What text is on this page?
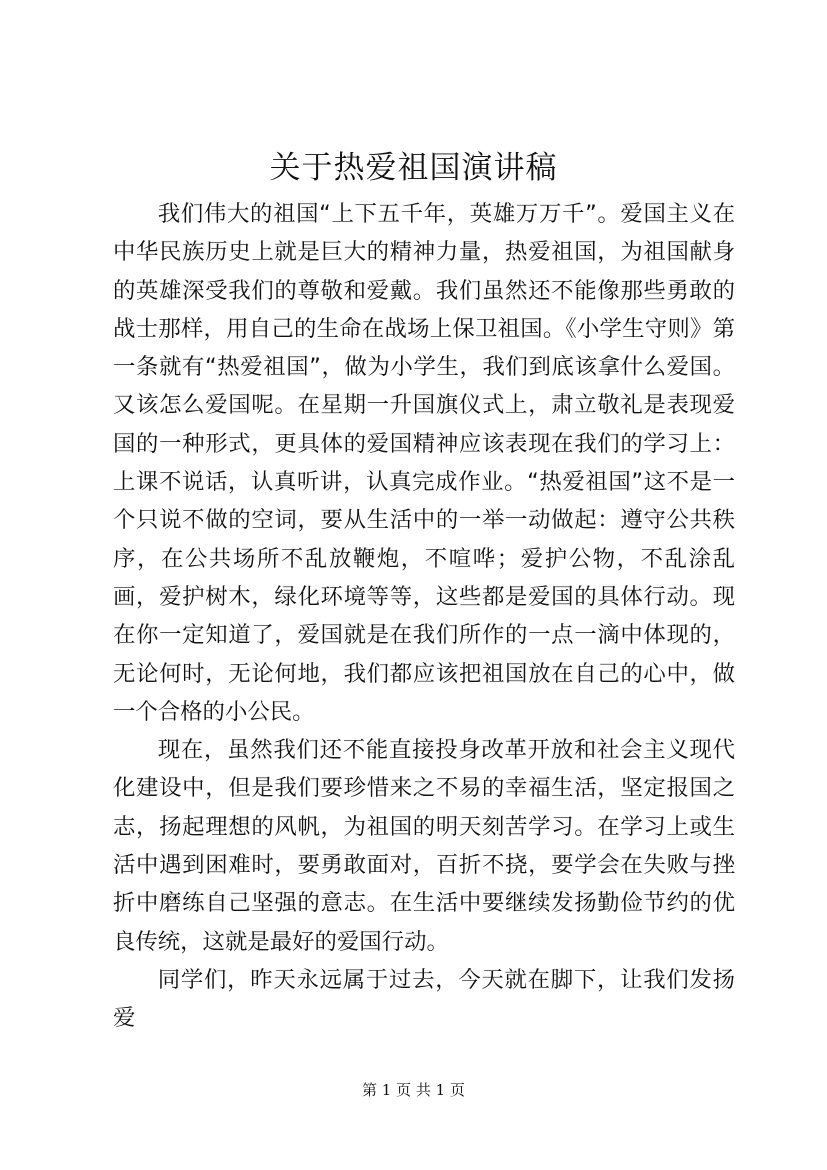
关于热爱祖国演讲稿

我们伟大的祖国“上下五千年，英雄万万千”。爱国主义在中华民族历史上就是巨大的精神力量，热爱祖国，为祖国献身的英雄深受我们的尊敬和爱戴。我们虽然还不能像那些勇敢的战士那样，用自己的生命在战场上保卫祖国。《小学生守则》第一条就有“热爱祖国”，做为小学生，我们到底该拿什么爱国。又该怎么爱国呢。在星期一升国旗仪式上，肃立敬礼是表现爱国的一种形式，更具体的爱国精神应该表现在我们的学习上：上课不说话，认真听讲，认真完成作业。“热爱祖国”这不是一个只说不做的空词，要从生活中的一举一动做起：遵守公共秩序，在公共场所不乱放鞭炮，不喧哗；爱护公物，不乱涂乱画，爱护树木，绿化环境等等，这些都是爱国的具体行动。现在你一定知道了，爱国就是在我们所作的一点一滴中体现的，无论何时，无论何地，我们都应该把祖国放在自己的心中，做一个合格的小公民。

现在，虽然我们还不能直接投身改革开放和社会主义现代化建设中，但是我们要珍惜来之不易的幸福生活，坚定报国之志，扬起理想的风帆，为祖国的明天刻苦学习。在学习上或生活中遇到困难时，要勇敢面对，百折不挠，要学会在失败与挫折中磨练自己坚强的意志。在生活中要继续发扬勤俭节约的优良传统，这就是最好的爱国行动。

同学们，昨天永远属于过去，今天就在脚下，让我们发扬爱

第 1 页 共 1 页
